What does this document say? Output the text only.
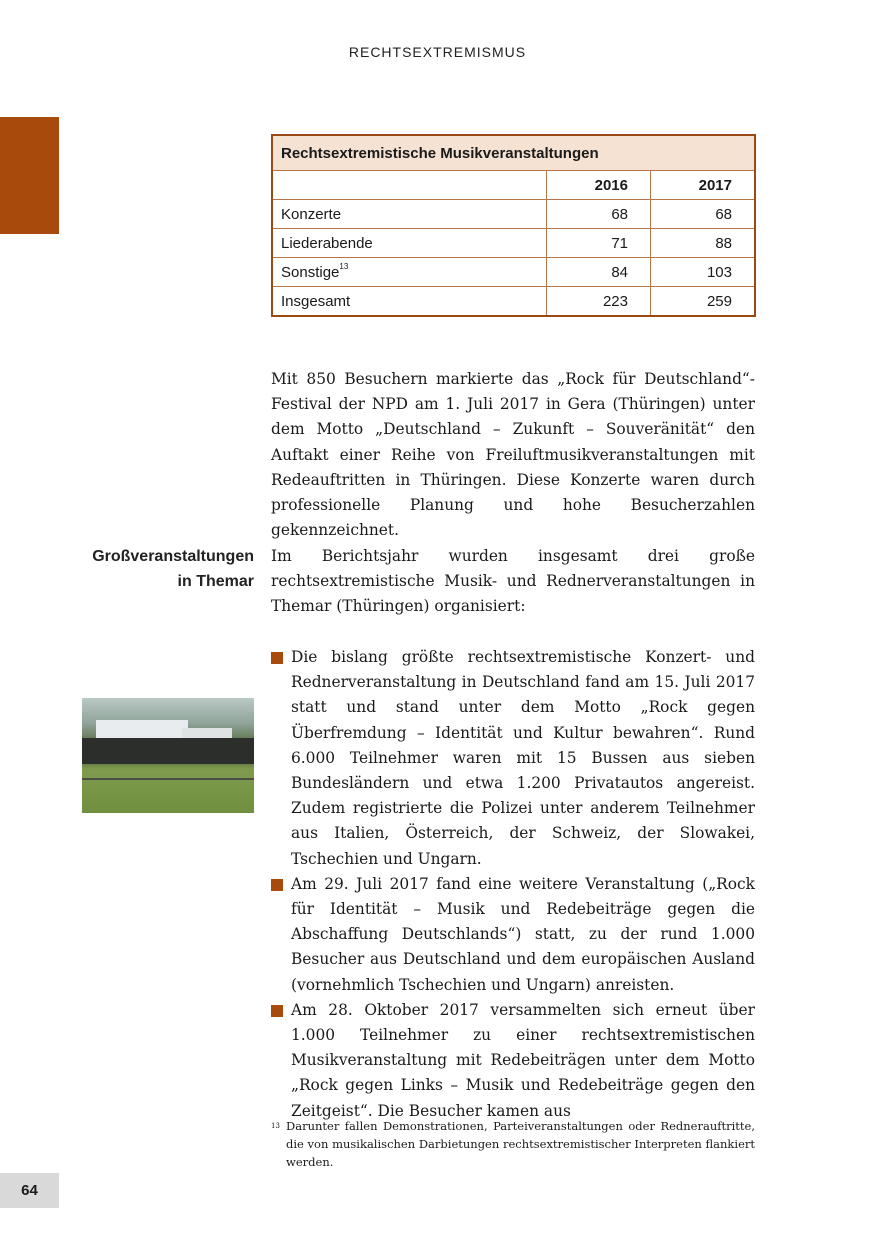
RECHTSEXTREMISMUS
Rechtsextremistische Musikveranstaltungen		
	2016	2017
Konzerte	68	68
Liederabende	71	88
Sonstige$^{13}$	84	103
Insgesamt	223	259

Mit 850 Besuchern markierte das „Rock für Deutschland“-Festival der NPD am 1. Juli 2017 in Gera (Thüringen) unter dem Motto „Deutschland – Zukunft – Souveränität“ den Auftakt einer Reihe von Freiluftmusikveranstaltungen mit Redeauftritten in Thüringen. Diese Konzerte waren durch professionelle Planung und hohe Besucherzahlen gekennzeichnet.

Großveranstaltungen
in Themar

Im Berichtsjahr wurden insgesamt drei große rechtsextremistische Musik- und Rednerveranstaltungen in Themar (Thüringen) organisiert:

Die bislang größte rechtsextremistische Konzert- und Rednerveranstaltung in Deutschland fand am 15. Juli 2017 statt und stand unter dem Motto „Rock gegen Überfremdung – Identität und Kultur bewahren“. Rund 6.000 Teilnehmer waren mit 15 Bussen aus sieben Bundesländern und etwa 1.200 Privatautos angereist. Zudem registrierte die Polizei unter anderem Teilnehmer aus Italien, Österreich, der Schweiz, der Slowakei, Tschechien und Ungarn.
Am 29. Juli 2017 fand eine weitere Veranstaltung („Rock für Identität – Musik und Redebeiträge gegen die Abschaffung Deutschlands“) statt, zu der rund 1.000 Besucher aus Deutschland und dem europäischen Ausland (vornehmlich Tschechien und Ungarn) anreisten.
Am 28. Oktober 2017 versammelten sich erneut über 1.000 Teilnehmer zu einer rechtsextremistischen Musikveranstaltung mit Redebeiträgen unter dem Motto „Rock gegen Links – Musik und Redebeiträge gegen den Zeitgeist“. Die Besucher kamen aus
13 Darunter fallen Demonstrationen, Parteiveranstaltungen oder Rednerauftritte, die von musikalischen Darbietungen rechtsextremistischer Interpreten flankiert werden.
64
